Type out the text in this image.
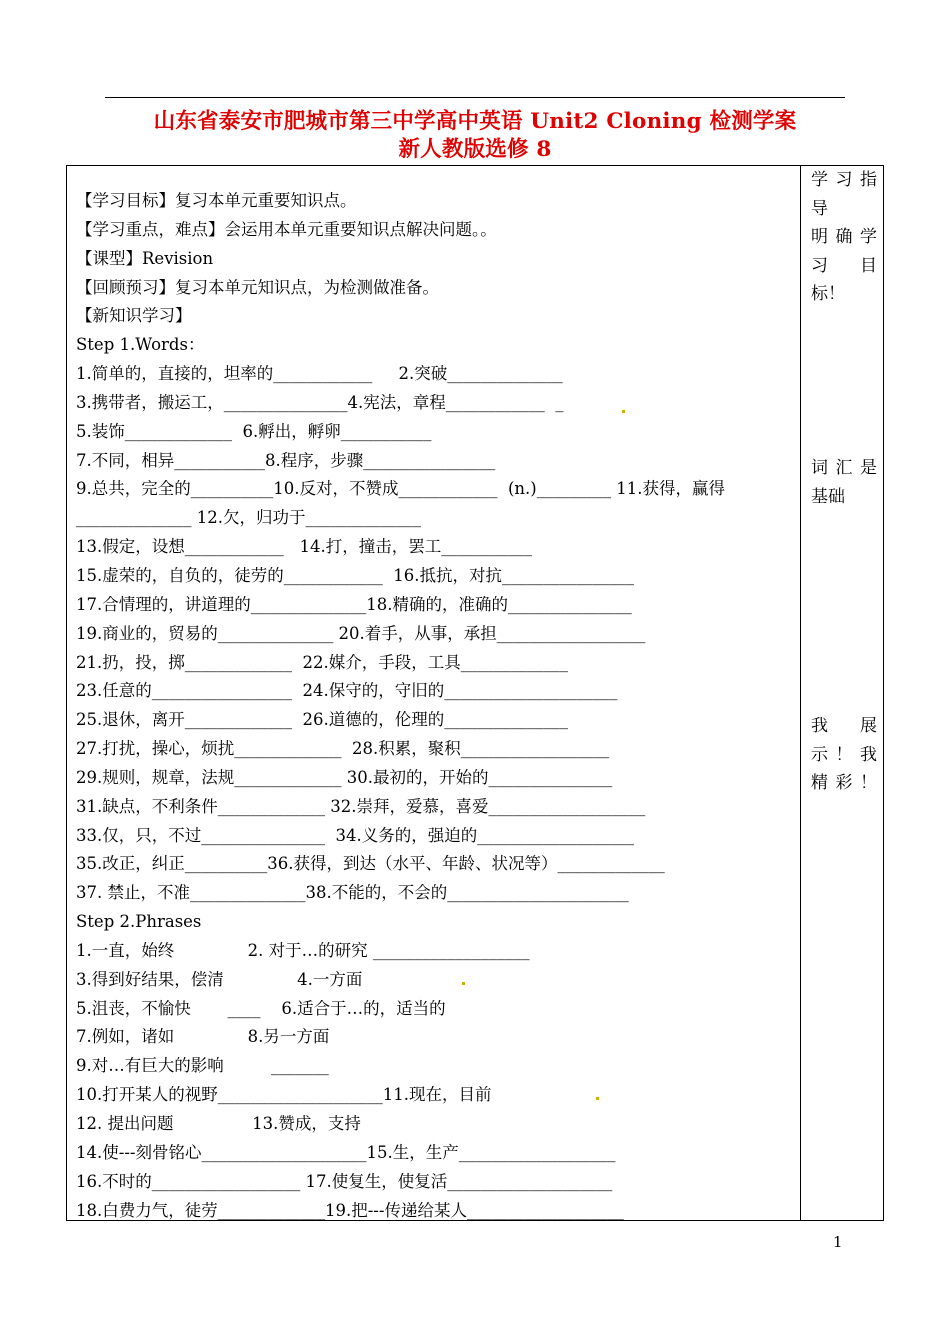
山东省泰安市肥城市第三中学高中英语 Unit2 Cloning 检测学案
新人教版选修 8
【学习目标】复习本单元重要知识点。
【学习重点，难点】会运用本单元重要知识点解决问题。。
【课型】Revision
【回顾预习】复习本单元知识点，为检测做准备。
【新知识学习】
Step 1.Words：
1.简单的，直接的，坦率的____________     2.突破______________
3.携带者，搬运工，_______________4.宪法，章程____________  _
5.装饰_____________  6.孵出，孵卵___________
7.不同，相异___________8.程序，步骤________________
9.总共，完全的__________10.反对，不赞成____________  (n.)_________ 11.获得，赢得
______________ 12.欠，归功于______________
13.假定，设想____________   14.打，撞击，罢工___________
15.虚荣的，自负的，徒劳的____________  16.抵抗，对抗________________
17.合情理的，讲道理的______________18.精确的，准确的_______________
19.商业的，贸易的______________ 20.着手，从事，承担__________________
21.扔，投，掷_____________  22.媒介，手段，工具_____________
23.任意的_________________  24.保守的，守旧的_____________________
25.退休，离开_____________  26.道德的，伦理的_______________
27.打扰，操心，烦扰_____________  28.积累，聚积__________________
29.规则，规章，法规_____________ 30.最初的，开始的_______________
31.缺点，不利条件_____________ 32.崇拜，爱慕，喜爱___________________
33.仅，只，不过_______________  34.义务的，强迫的___________________
35.改正，纠正__________36.获得，到达（水平、年龄、状况等）_____________
37. 禁止，不准______________38.不能的，不会的______________________
Step 2.Phrases
1.一直，始终              2. 对于…的研究 ___________________
3.得到好结果，偿清              4.一方面
5.沮丧，不愉快       ____    6.适合于…的，适当的
7.例如，诸如              8.另一方面
9.对…有巨大的影响         _______
10.打开某人的视野____________________11.现在，目前
12. 提出问题               13.赞成，支持
14.使---刻骨铭心____________________15.生，生产___________________
16.不时的__________________ 17.使复生，使复活____________________
18.白费力气，徒劳_____________19.把---传递给某人___________________
学习指
导
明确学
习 目
标！
词汇是
基础
我 展
示！我
精彩！
1
